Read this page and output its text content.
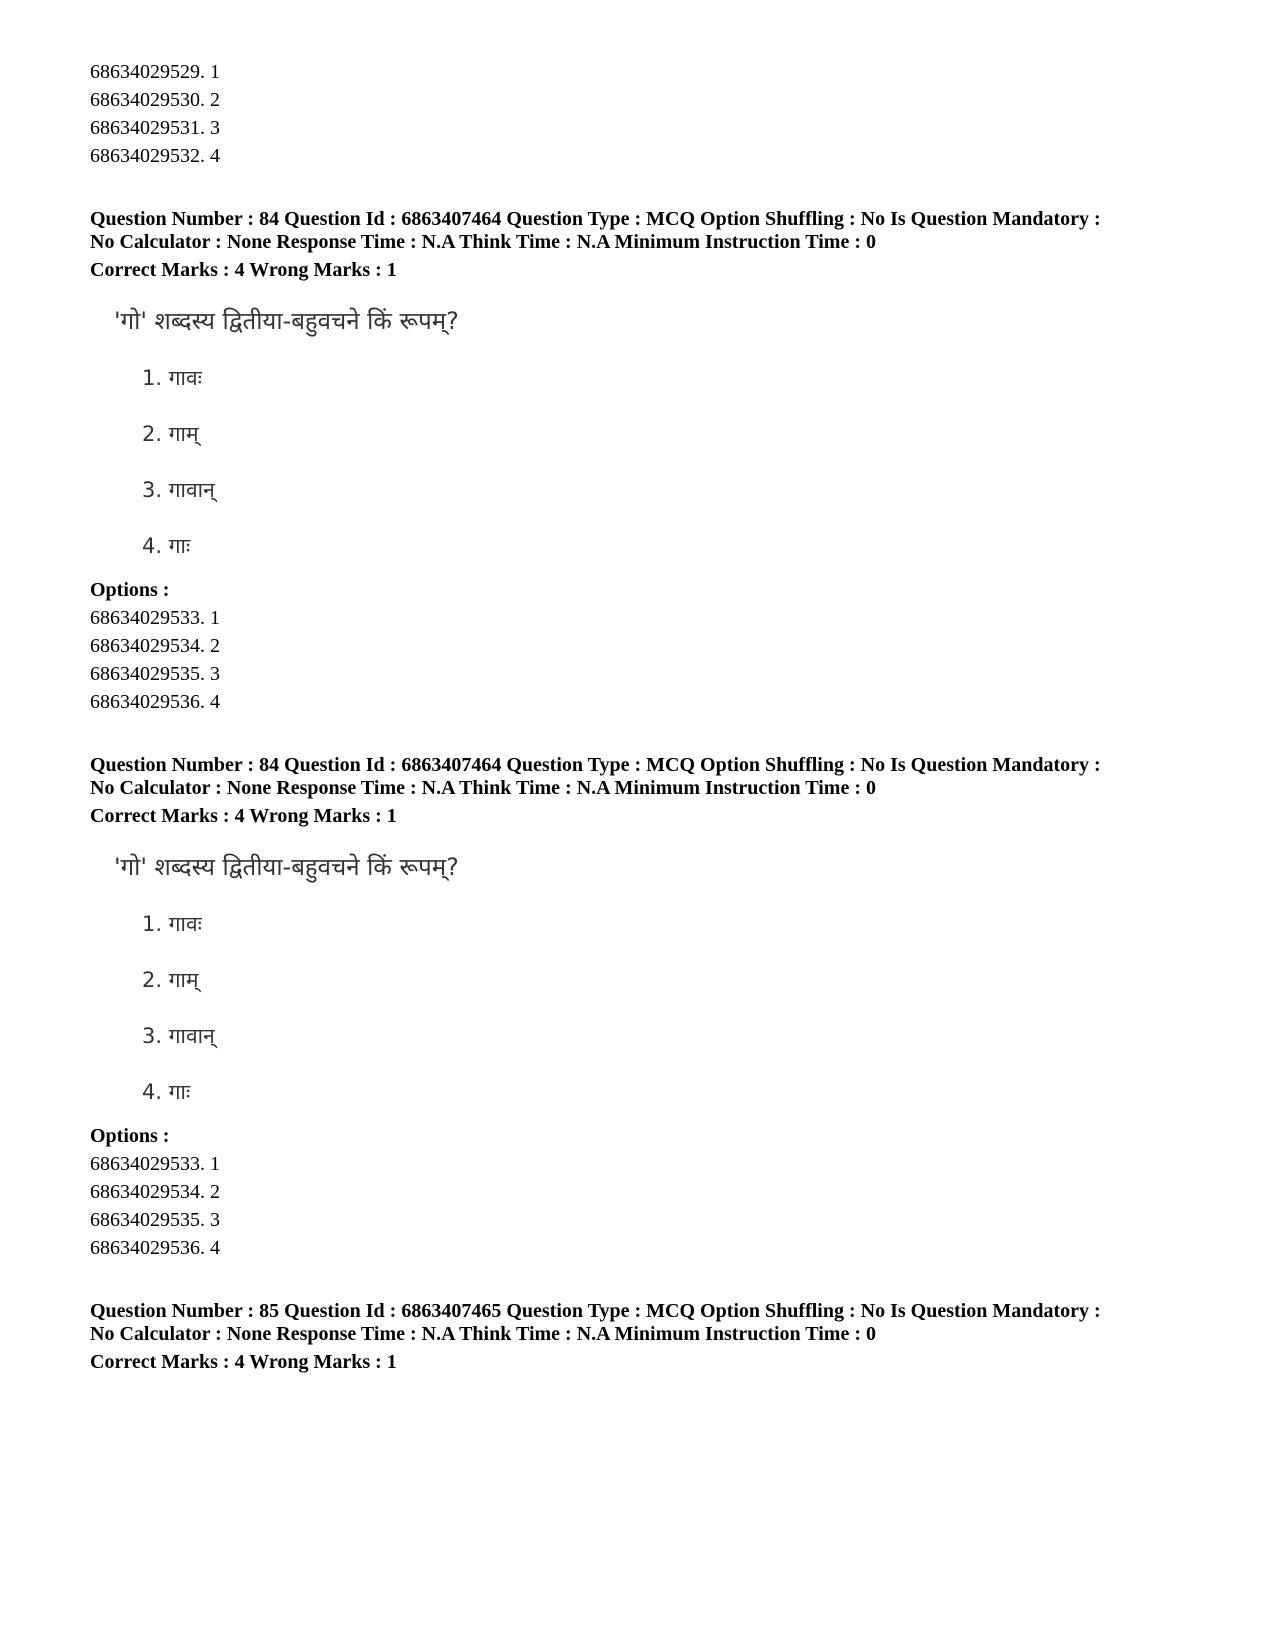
68634029529. 1
68634029530. 2
68634029531. 3
68634029532. 4
Question Number : 84 Question Id : 6863407464 Question Type : MCQ Option Shuffling : No Is Question Mandatory :
No Calculator : None Response Time : N.A Think Time : N.A Minimum Instruction Time : 0
Correct Marks : 4 Wrong Marks : 1
'गो' शब्दस्य द्वितीया-बहुवचने किं रूपम्?
1. गावः
2. गाम्
3. गावान्
4. गाः
Options :
68634029533. 1
68634029534. 2
68634029535. 3
68634029536. 4
Question Number : 84 Question Id : 6863407464 Question Type : MCQ Option Shuffling : No Is Question Mandatory :
No Calculator : None Response Time : N.A Think Time : N.A Minimum Instruction Time : 0
Correct Marks : 4 Wrong Marks : 1
'गो' शब्दस्य द्वितीया-बहुवचने किं रूपम्?
1. गावः
2. गाम्
3. गावान्
4. गाः
Options :
68634029533. 1
68634029534. 2
68634029535. 3
68634029536. 4
Question Number : 85 Question Id : 6863407465 Question Type : MCQ Option Shuffling : No Is Question Mandatory :
No Calculator : None Response Time : N.A Think Time : N.A Minimum Instruction Time : 0
Correct Marks : 4 Wrong Marks : 1
